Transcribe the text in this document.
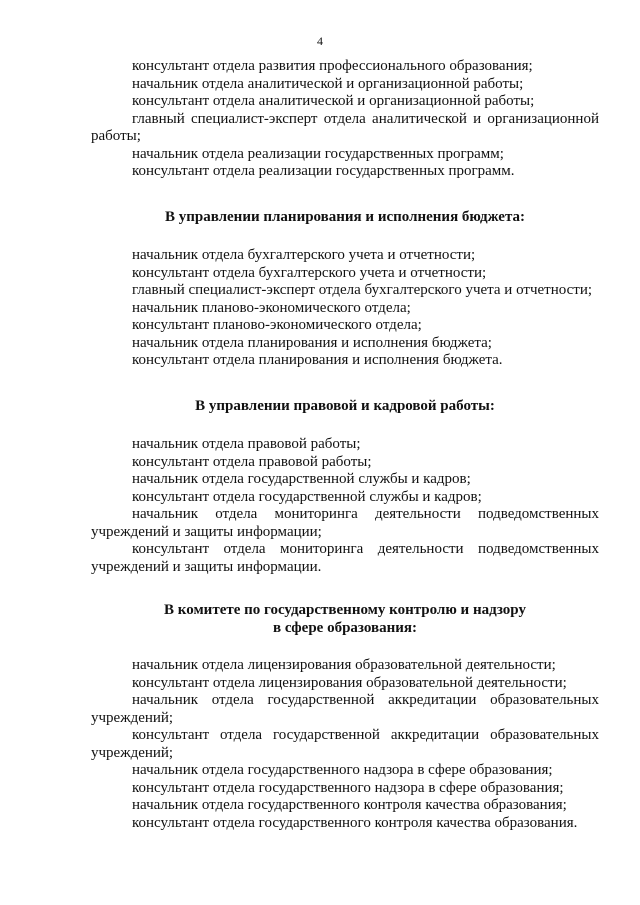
4
консультант отдела развития профессионального образования;
начальник отдела аналитической и организационной работы;
консультант отдела аналитической и организационной работы;
главный специалист-эксперт отдела аналитической и организационной работы;
начальник отдела реализации государственных программ;
консультант отдела реализации государственных программ.
В управлении планирования и исполнения бюджета:
начальник отдела бухгалтерского учета и отчетности;
консультант отдела бухгалтерского учета и отчетности;
главный специалист-эксперт отдела бухгалтерского учета и отчетности;
начальник планово-экономического отдела;
консультант планово-экономического отдела;
начальник отдела планирования и исполнения бюджета;
консультант отдела планирования и исполнения бюджета.
В управлении правовой и кадровой работы:
начальник отдела правовой работы;
консультант отдела правовой работы;
начальник отдела государственной службы и кадров;
консультант отдела государственной службы и кадров;
начальник отдела мониторинга деятельности подведомственных учреждений и защиты информации;
консультант отдела мониторинга деятельности подведомственных учреждений и защиты информации.
В комитете по государственному контролю и надзору
в сфере образования:
начальник отдела лицензирования образовательной деятельности;
консультант отдела лицензирования образовательной деятельности;
начальник отдела государственной аккредитации образовательных учреждений;
консультант отдела государственной аккредитации образовательных учреждений;
начальник отдела государственного надзора в сфере образования;
консультант отдела государственного надзора в сфере образования;
начальник отдела государственного контроля качества образования;
консультант отдела государственного контроля качества образования.
